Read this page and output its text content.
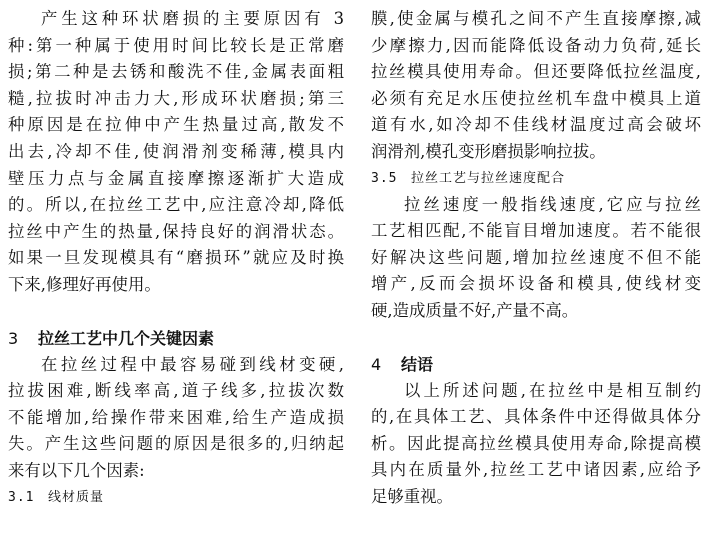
产生这种环状磨损的主要原因有 3
种:第一种属于使用时间比较长是正常磨
损;第二种是去锈和酸洗不佳,金属表面粗
糙,拉拔时冲击力大,形成环状磨损;第三
种原因是在拉伸中产生热量过高,散发不
出去,冷却不佳,使润滑剂变稀薄,模具内
壁压力点与金属直接摩擦逐渐扩大造成
的。所以,在拉丝工艺中,应注意冷却,降低
拉丝中产生的热量,保持良好的润滑状态。
如果一旦发现模具有“磨损环”就应及时换
下来,修理好再使用。
3 拉丝工艺中几个关键因素
在拉丝过程中最容易碰到线材变硬,
拉拔困难,断线率高,道子线多,拉拔次数
不能增加,给操作带来困难,给生产造成损
失。产生这些问题的原因是很多的,归纳起
来有以下几个因素:
3.1 线材质量
膜,使金属与模孔之间不产生直接摩擦,减
少摩擦力,因而能降低设备动力负荷,延长
拉丝模具使用寿命。但还要降低拉丝温度,
必须有充足水压使拉丝机车盘中模具上道
道有水,如冷却不佳线材温度过高会破坏
润滑剂,模孔变形磨损影响拉拔。
3.5 拉丝工艺与拉丝速度配合
拉丝速度一般指线速度,它应与拉丝
工艺相匹配,不能盲目增加速度。若不能很
好解决这些问题,增加拉丝速度不但不能
增产,反而会损坏设备和模具,使线材变
硬,造成质量不好,产量不高。
4 结语
以上所述问题,在拉丝中是相互制约
的,在具体工艺、具体条件中还得做具体分
析。因此提高拉丝模具使用寿命,除提高模
具内在质量外,拉丝工艺中诸因素,应给予
足够重视。
